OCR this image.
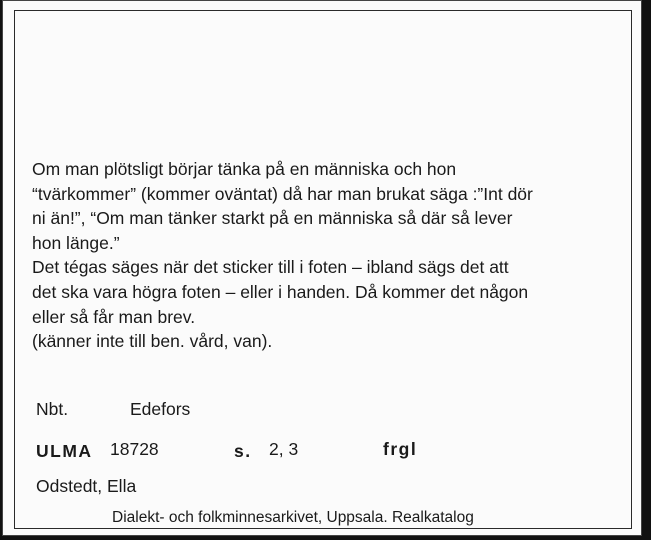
Om man plötsligt börjar tänka på en människa och hon
“tvärkommer” (kommer oväntat) då har man brukat säga :”Int dör
ni än!”, “Om man tänker starkt på en människa så där så lever
hon länge.”
Det tégas säges när det sticker till i foten – ibland sägs det att
det ska vara högra foten – eller i handen. Då kommer det någon
eller så får man brev.
(känner inte till ben. vård, van).
Nbt.	Edefors
ULMA 18728	s. 2, 3	frgl
Odstedt, Ella
Dialekt- och folkminnesarkivet, Uppsala. Realkatalog
